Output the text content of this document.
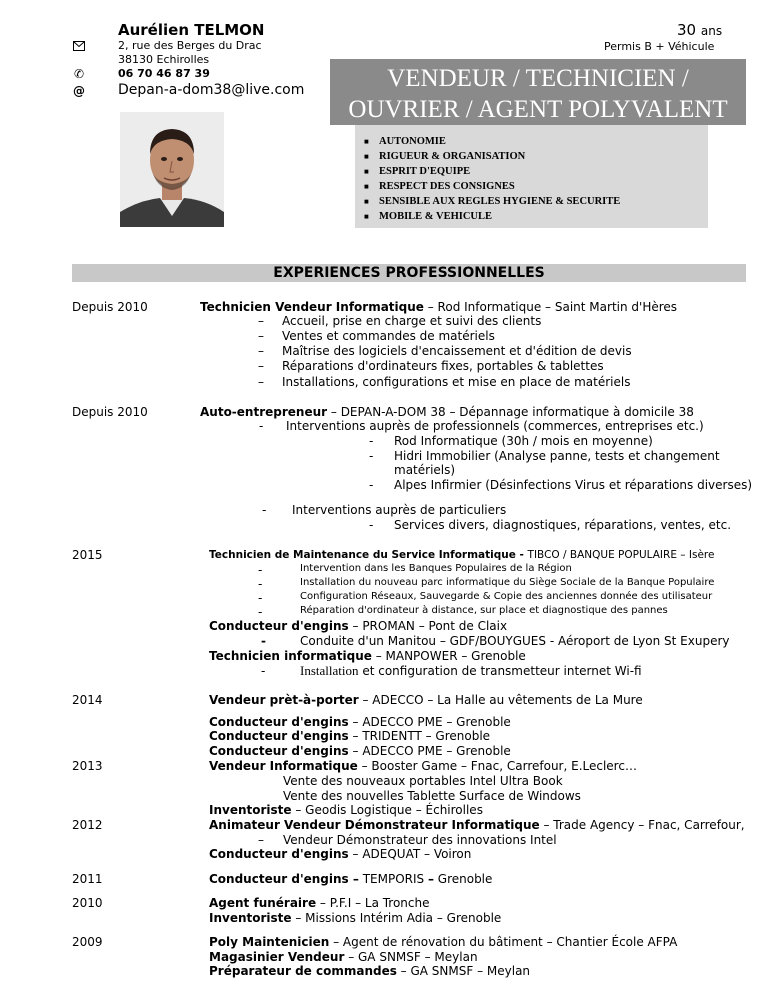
Aurélien TELMON	30 ans
Permis B + Véhicule
2, rue des Berges du Drac
38130 Echirolles
✆	06 70 46 87 39
@ Depan-a-dom38@live.com	VENDEUR / TECHNICIEN /
OUVRIER / AGENT POLYVALENT
■ AUTONOMIE
■ RIGUEUR & ORGANISATION
■ ESPRIT D'EQUIPE
■ RESPECT DES CONSIGNES
■ SENSIBLE AUX REGLES HYGIENE & SECURITE
■ MOBILE & VEHICULE
EXPERIENCES PROFESSIONNELLES
Depuis 2010	Technicien Vendeur Informatique – Rod Informatique – Saint Martin d'Hères
– Accueil, prise en charge et suivi des clients
– Ventes et commandes de matériels
– Maîtrise des logiciels d'encaissement et d'édition de devis
– Réparations d'ordinateurs fixes, portables & tablettes
– Installations, configurations et mise en place de matériels
Depuis 2010	Auto-entrepreneur – DEPAN-A-DOM 38 – Dépannage informatique à domicile 38
- Interventions auprès de professionnels (commerces, entreprises etc.)
- Rod Informatique (30h / mois en moyenne)
- Hidri Immobilier (Analyse panne, tests et changement
matériels)
- Alpes Infirmier (Désinfections Virus et réparations diverses)
- Interventions auprès de particuliers
- Services divers, diagnostiques, réparations, ventes, etc.
2015	Technicien de Maintenance du Service Informatique - TIBCO / BANQUE POPULAIRE – Isère
-	Intervention dans les Banques Populaires de la Région
-	Installation du nouveau parc informatique du Siège Sociale de la Banque Populaire
-	Configuration Réseaux, Sauvegarde & Copie des anciennes donnée des utilisateur
-	Réparation d'ordinateur à distance, sur place et diagnostique des pannes
Conducteur d'engins – PROMAN – Pont de Claix
-	Conduite d'un Manitou – GDF/BOUYGUES - Aéroport de Lyon St Exupery
Technicien informatique – MANPOWER – Grenoble
-	Installation et configuration de transmetteur internet Wi-fi
2014	Vendeur prèt-à-porter – ADECCO – La Halle au vêtements de La Mure
Conducteur d'engins – ADECCO PME – Grenoble
Conducteur d'engins – TRIDENTT – Grenoble
Conducteur d'engins – ADECCO PME – Grenoble
2013	Vendeur Informatique – Booster Game – Fnac, Carrefour, E.Leclerc…
Vente des nouveaux portables Intel Ultra Book
Vente des nouvelles Tablette Surface de Windows
Inventoriste – Geodis Logistique – Échirolles
2012	Animateur Vendeur Démonstrateur Informatique – Trade Agency – Fnac, Carrefour,
– Vendeur Démonstrateur des innovations Intel
Conducteur d'engins – ADEQUAT – Voiron
2011	Conducteur d'engins – TEMPORIS – Grenoble
2010	Agent funéraire – P.F.I – La Tronche
Inventoriste – Missions Intérim Adia – Grenoble
2009	Poly Maintenicien – Agent de rénovation du bâtiment – Chantier École AFPA
Magasinier Vendeur – GA SNMSF – Meylan
Préparateur de commandes – GA SNMSF – Meylan
